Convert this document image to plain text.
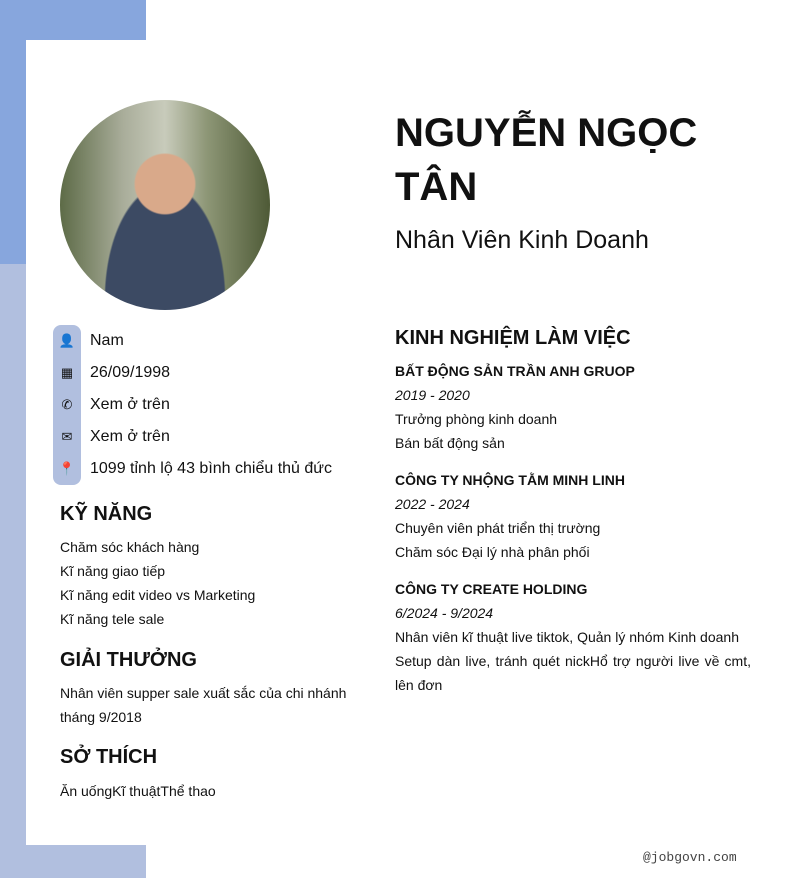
NGUYỄN NGỌC TÂN
Nhân Viên Kinh Doanh
👤 Nam
▦	26/09/1998
✆	Xem ở trên
✉	Xem ở trên
📍 1099 tỉnh lộ 43 bình chiểu thủ đức
KỸ NĂNG
Chăm sóc khách hàng
Kĩ năng giao tiếp
Kĩ năng edit video vs Marketing
Kĩ năng tele sale
GIẢI THƯỞNG
Nhân viên supper sale xuất sắc của chi nhánh tháng 9/2018
SỞ THÍCH
Ăn uốngKĩ thuậtThể thao
KINH NGHIỆM LÀM VIỆC
BẤT ĐỘNG SẢN TRẦN ANH GRUOP
2019 - 2020
Trưởng phòng kinh doanh
Bán bất động sản
CÔNG TY NHỘNG TẰM MINH LINH
2022 - 2024
Chuyên viên phát triển thị trường
Chăm sóc Đại lý nhà phân phối
CÔNG TY CREATE HOLDING
6/2024 - 9/2024
Nhân viên kĩ thuật live tiktok, Quản lý nhóm Kinh doanh
Setup dàn live, tránh quét nickHổ trợ người live về cmt, lên đơn
@jobgovn.com
